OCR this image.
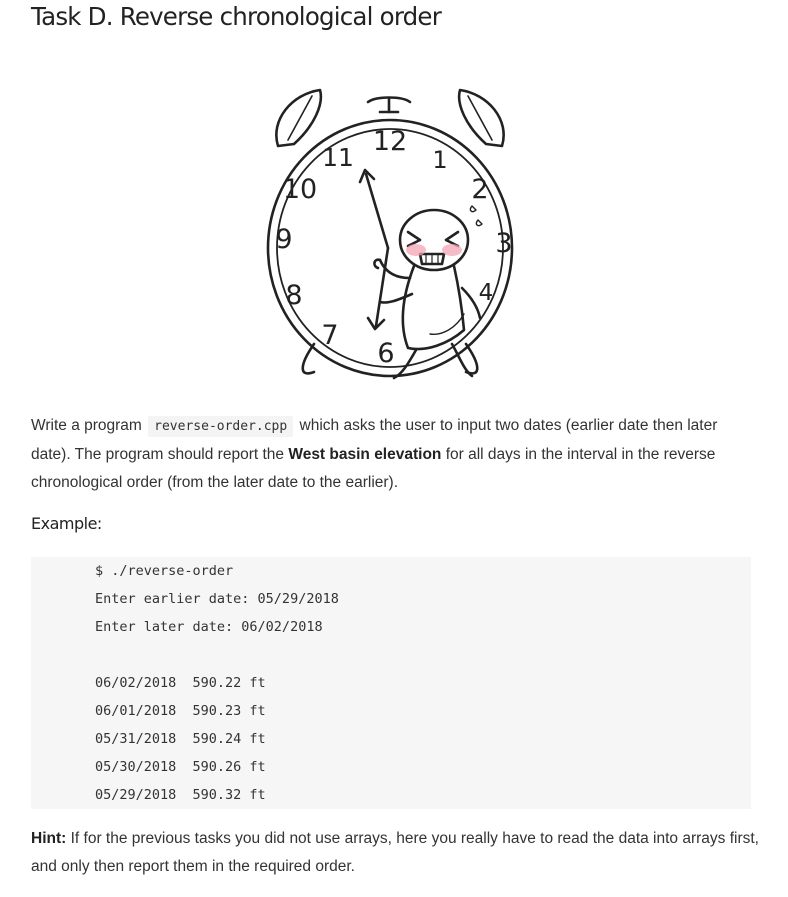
Task D. Reverse chronological order
12
1
2
3
4
6
7
8
9
10
11

Write a program reverse-order.cpp which asks the user to input two dates (earlier date then later date). The program should report the West basin elevation for all days in the interval in the reverse chronological order (from the later date to the earlier).

Example:
$ ./reverse-order
Enter earlier date: 05/29/2018
Enter later date: 06/02/2018
06/02/2018  590.22 ft
06/01/2018  590.23 ft
05/31/2018  590.24 ft
05/30/2018  590.26 ft
05/29/2018  590.32 ft

Hint: If for the previous tasks you did not use arrays, here you really have to read the data into arrays first, and only then report them in the required order.
